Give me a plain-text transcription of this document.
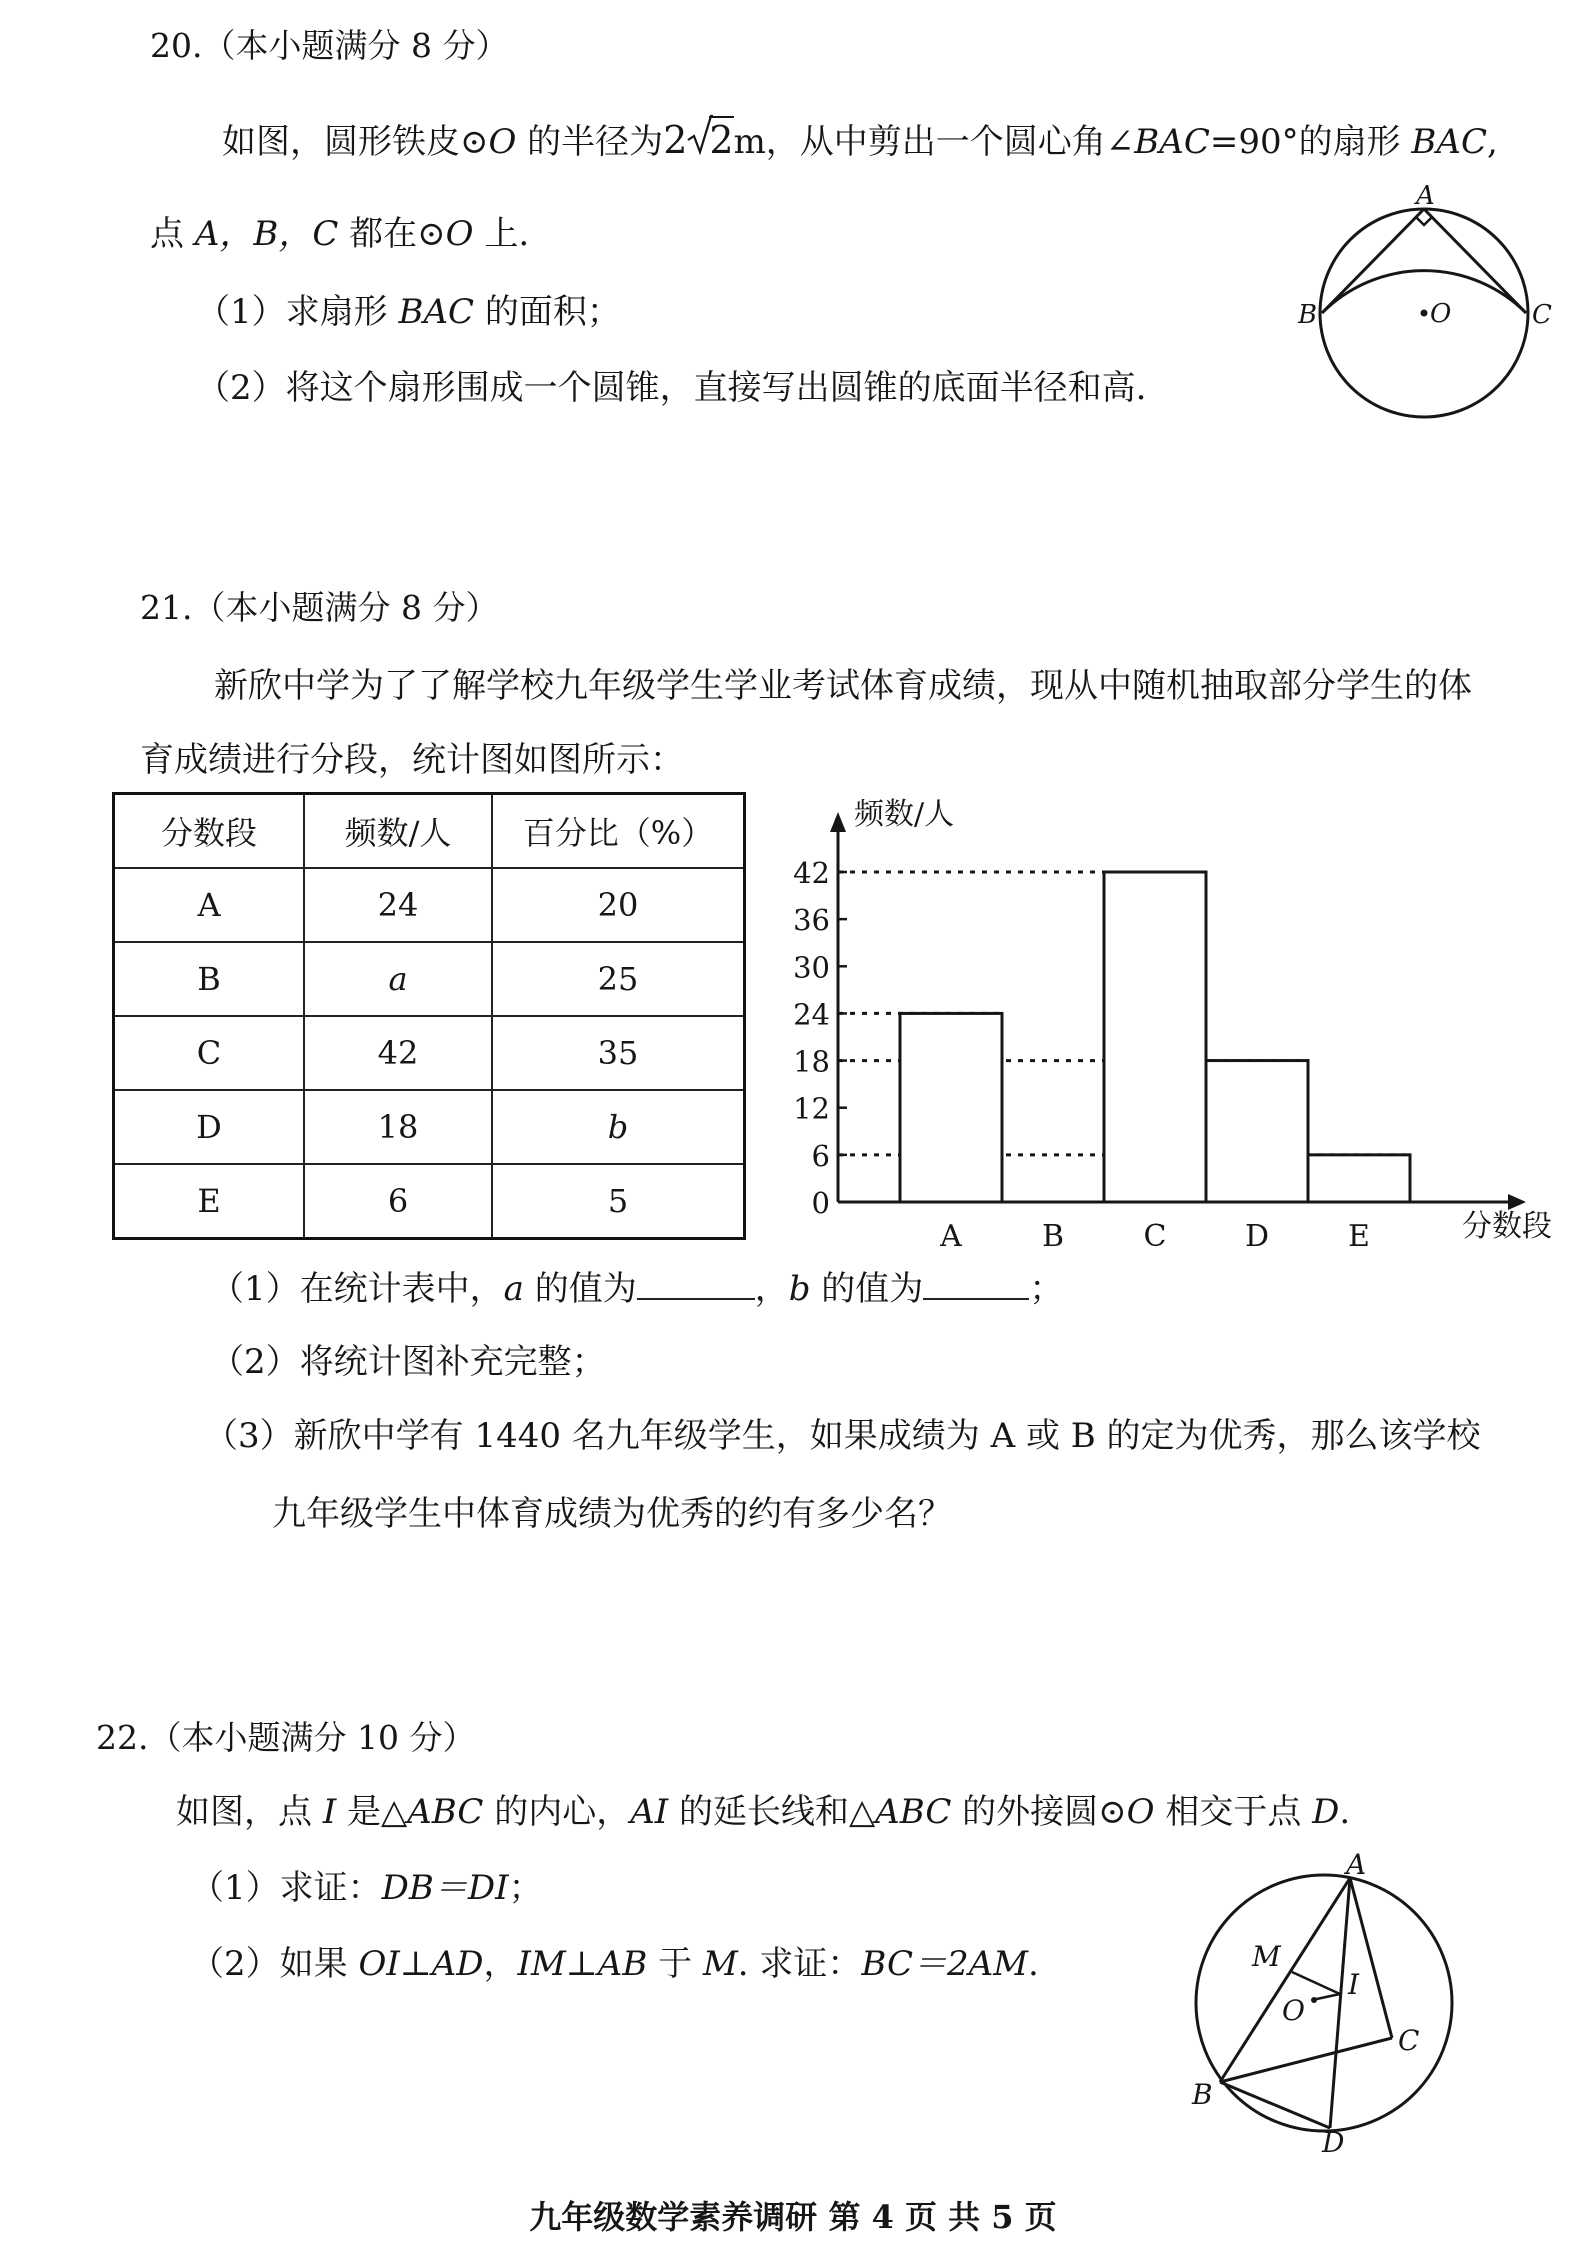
20.（本小题满分 8 分）
如图，圆形铁皮⊙O 的半径为2 2m，从中剪出一个圆心角∠BAC=90°的扇形 BAC,
点 A，B，C 都在⊙O 上.
（1）求扇形 BAC 的面积；
（2）将这个扇形围成一个圆锥，直接写出圆锥的底面半径和高.
A
B	C
O
21.（本小题满分 8 分）
新欣中学为了了解学校九年级学生学业考试体育成绩，现从中随机抽取部分学生的体
育成绩进行分段，统计图如图所示：
分数段	频数/人	百分比（%）
A	24	20
B	a	25
C	42	35
D	18	b
E	6	5
频数/人
分数段
0
6
12
18
24
30
36
42
A	B	C	D	E
（1）在统计表中，a 的值为	，b 的值为	；
（2）将统计图补充完整；
（3）新欣中学有 1440 名九年级学生，如果成绩为 A 或 B 的定为优秀，那么该学校
九年级学生中体育成绩为优秀的约有多少名？
22.（本小题满分 10 分）
如图，点 I 是△ABC 的内心，AI 的延长线和△ABC 的外接圆⊙O 相交于点 D.
（1）求证：DB＝DI；
（2）如果 OI⊥AD，IM⊥AB 于 M. 求证：BC＝2AM.
A
M
O
I
C
B
D
九年级数学素养调研 第 4 页 共 5 页
